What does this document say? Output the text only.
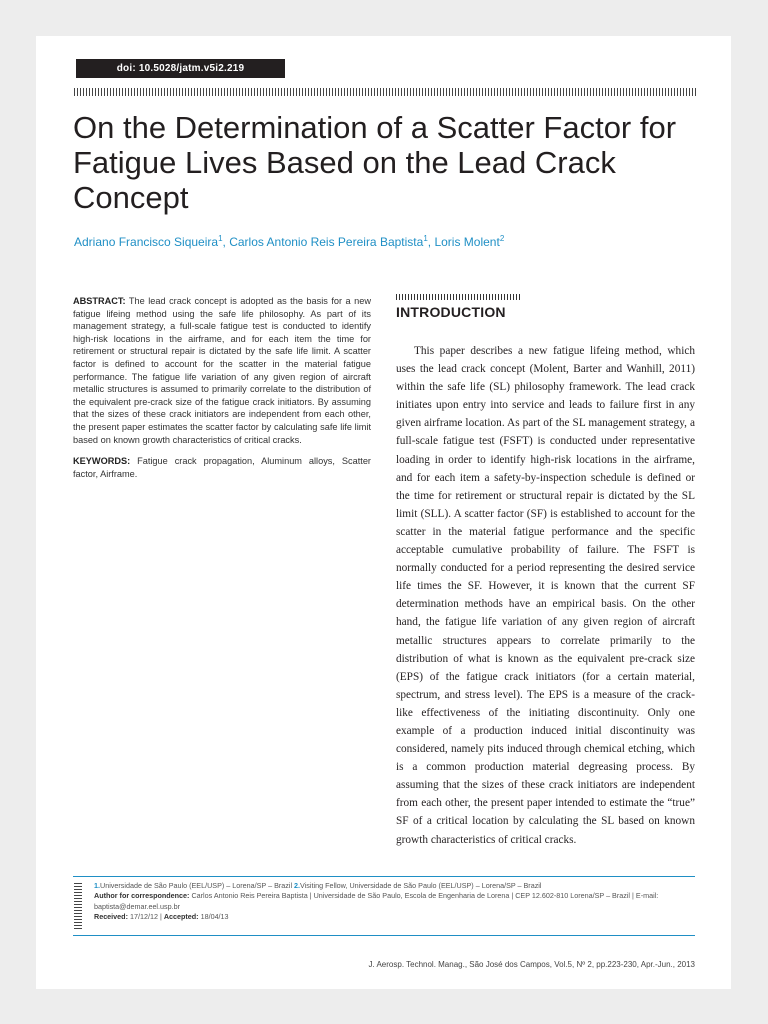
doi: 10.5028/jatm.v5i2.219
On the Determination of a Scatter Factor for Fatigue Lives Based on the Lead Crack Concept
Adriano Francisco Siqueira$^1$, Carlos Antonio Reis Pereira Baptista$^1$, Loris Molent$^2$

ABSTRACT: The lead crack concept is adopted as the basis for a new fatigue lifeing method using the safe life philosophy. As part of its management strategy, a full-scale fatigue test is conducted to identify high-risk locations in the airframe, and for each item the time for retirement or structural repair is dictated by the safe life limit. A scatter factor is defined to account for the scatter in the material fatigue performance. The fatigue life variation of any given region of aircraft metallic structures is assumed to primarily correlate to the distribution of the equivalent pre-crack size of the fatigue crack initiators. By assuming that the sizes of these crack initiators are independent from each other, the present paper estimates the scatter factor by calculating safe life limit based on known growth characteristics of critical cracks.

KEYWORDS: Fatigue crack propagation, Aluminum alloys, Scatter factor, Airframe.

INTRODUCTION

This paper describes a new fatigue lifeing method, which uses the lead crack concept (Molent, Barter and Wanhill, 2011) within the safe life (SL) philosophy framework. The lead crack initiates upon entry into service and leads to failure first in any given airframe location. As part of the SL management strategy, a full-scale fatigue test (FSFT) is conducted under representative loading in order to identify high-risk locations in the airframe, and for each item a safety-by-inspection schedule is defined or the time for retirement or structural repair is dictated by the SL limit (SLL). A scatter factor (SF) is established to account for the scatter in the material fatigue performance and the specific acceptable cumulative probability of failure. The FSFT is normally conducted for a period representing the desired service life times the SF. However, it is known that the current SF determination methods have an empirical basis. On the other hand, the fatigue life variation of any given region of aircraft metallic structures appears to correlate primarily to the distribution of what is known as the equivalent pre-crack size (EPS) of the fatigue crack initiators (for a certain material, spectrum, and stress level). The EPS is a measure of the crack-like effectiveness of the initiating discontinuity. Only one example of a production induced initial discontinuity was considered, namely pits induced through chemical etching, which is a common production material degreasing process. By assuming that the sizes of these crack initiators are independent from each other, the present paper intended to estimate the “true” SF of a critical location by calculating the SL based on known growth characteristics of critical cracks.

1.Universidade de São Paulo (EEL/USP) – Lorena/SP – Brazil 2.Visiting Fellow, Universidade de São Paulo (EEL/USP) – Lorena/SP – Brazil

Author for correspondence: Carlos Antonio Reis Pereira Baptista | Universidade de São Paulo, Escola de Engenharia de Lorena | CEP 12.602-810 Lorena/SP – Brazil | E-mail: baptista@demar.eel.usp.br

Received: 17/12/12 | Accepted: 18/04/13

J. Aerosp. Technol. Manag., São José dos Campos, Vol.5, Nº 2, pp.223-230, Apr.-Jun., 2013
